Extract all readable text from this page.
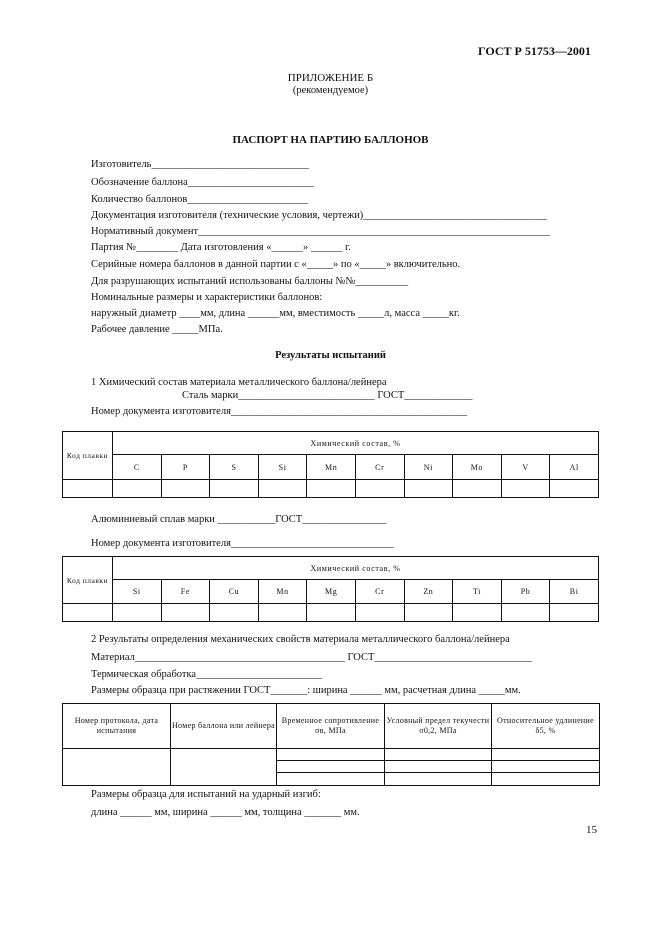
ГОСТ Р 51753—2001
ПРИЛОЖЕНИЕ Б
(рекомендуемое)
ПАСПОРТ НА ПАРТИЮ БАЛЛОНОВ
Изготовитель______________________________
Обозначение баллона________________________
Количество баллонов_______________________
Документация изготовителя (технические условия, чертежи)___________________________________
Нормативный документ___________________________________________________________________
Партия №________ Дата изготовления «______» ______ г.
Серийные номера баллонов в данной партии с «_____» по «_____» включительно.
Для разрушающих испытаний использованы баллоны №№__________
Номинальные размеры и характеристики баллонов:
наружный диаметр ____мм, длина ______мм, вместимость _____л, масса _____кг.
Рабочее давление _____МПа.
Результаты испытаний
1 Химический состав материала металлического баллона/лейнера
Сталь марки__________________________ ГОСТ_____________
Номер документа изготовителя_____________________________________________
Код плавки	Химический состав, %									
	C	P	S	Si	Mn	Cr	Ni	Mo	V	Al

Алюминиевый сплав марки ___________ГОСТ________________
Номер документа изготовителя_______________________________
Код плавки	Химический состав, %									
	Si	Fe	Cu	Mn	Mg	Cr	Zn	Ti	Pb	Bi

2 Результаты определения механических свойств материала металлического баллона/лейнера
Материал________________________________________ ГОСТ______________________________
Термическая обработка________________________
Размеры образца при растяжении ГОСТ_______: ширина ______ мм, расчетная длина _____мм.
Номер протокола, дата испытания	Номер баллона или лейнера	Временное сопротивление σв, МПа	Условный предел текучести σ0,2, МПа	Относительное удлинение δ5, %

Размеры образца для испытаний на ударный изгиб:
длина ______ мм, ширина ______ мм, толщина _______ мм.
15
